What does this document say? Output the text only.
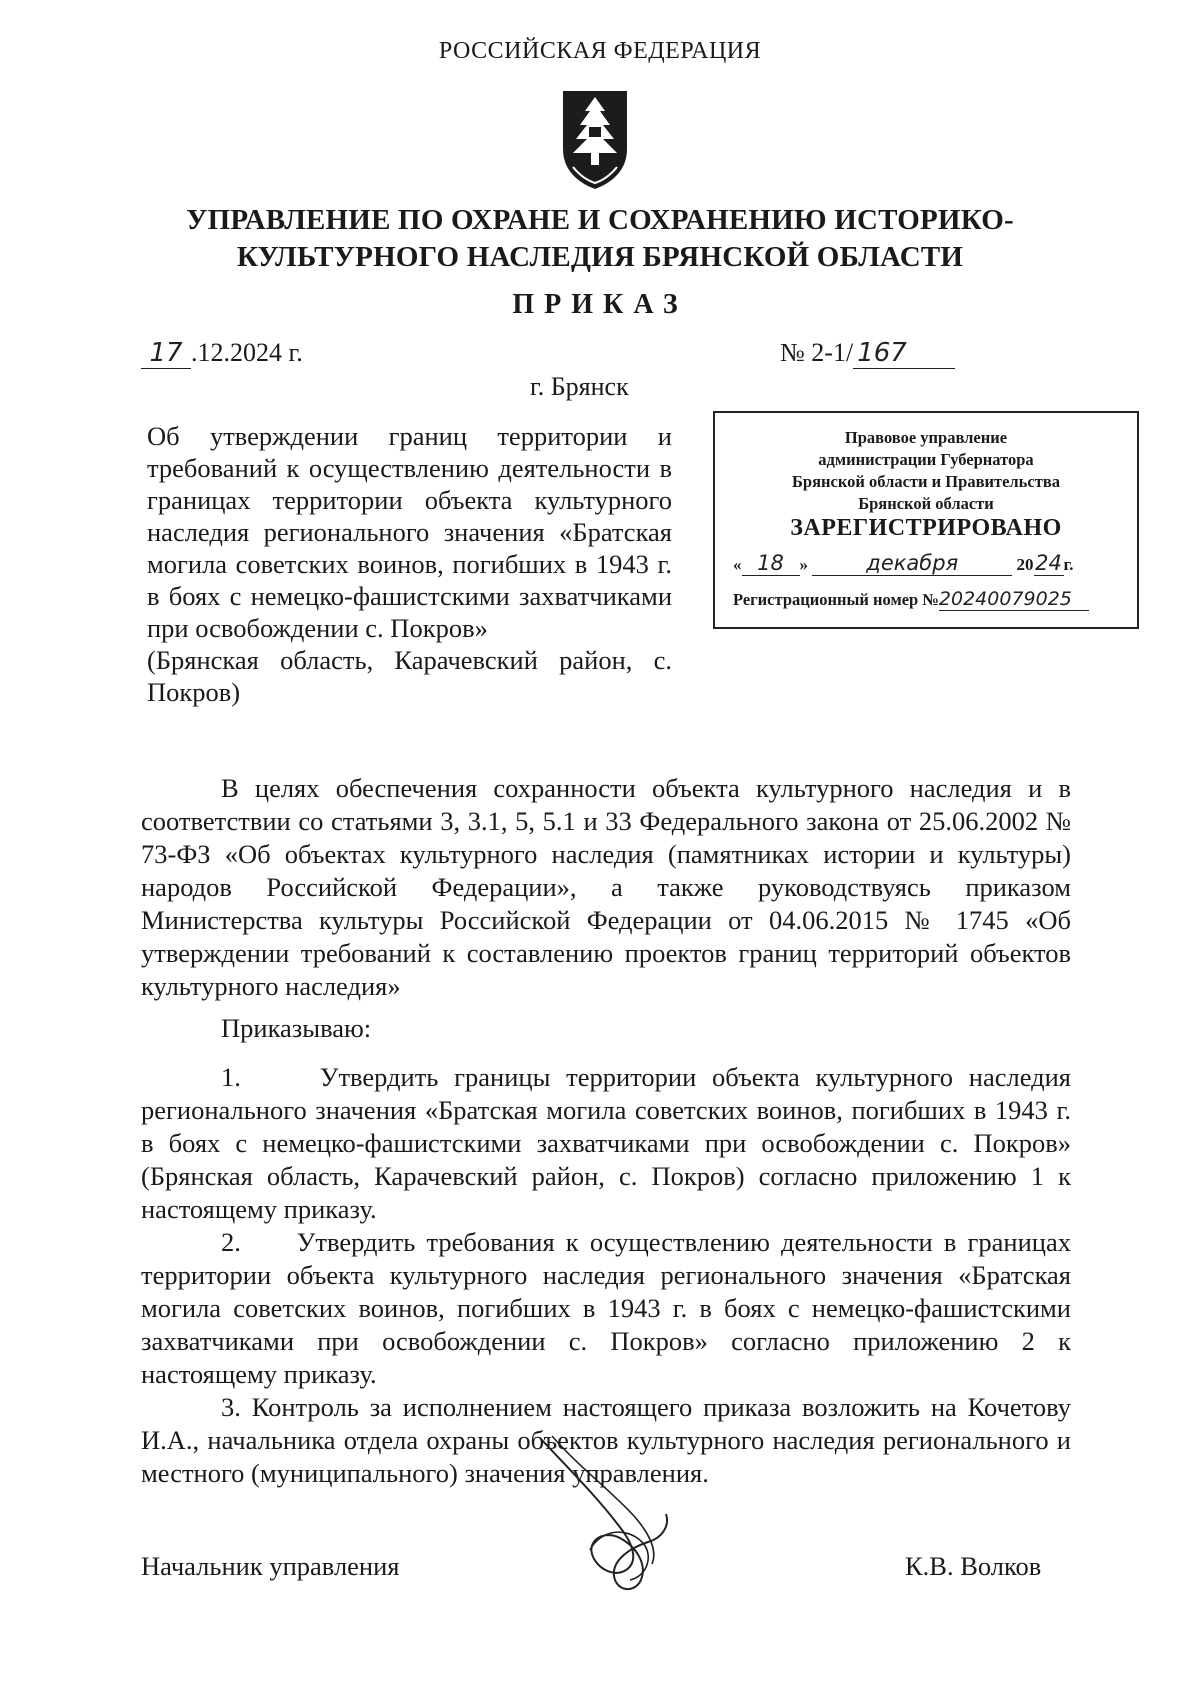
РОССИЙСКАЯ ФЕДЕРАЦИЯ
УПРАВЛЕНИЕ ПО ОХРАНЕ И СОХРАНЕНИЮ ИСТОРИКО-
КУЛЬТУРНОГО НАСЛЕДИЯ БРЯНСКОЙ ОБЛАСТИ
ПРИКАЗ
17 .12.2024 г.	№ 2-1/ 167
г. Брянск

Об утверждении границ территории и требований к осуществлению деятельности в границах территории объекта культурного наследия регионального значения «Братская могила советских воинов, погибших в 1943 г. в боях с немецко-фашистскими захватчиками при освобождении с. Покров»

(Брянская область, Карачевский район, с. Покров)

Правовое управление
администрации Губернатора
Брянской области и Правительства
Брянской области
ЗАРЕГИСТРИРОВАНО
« 18 »	декабря	2024г.
Регистрационный номер №20240079025

В целях обеспечения сохранности объекта культурного наследия и в соответствии со статьями 3, 3.1, 5, 5.1 и 33 Федерального закона от 25.06.2002 № 73-ФЗ «Об объектах культурного наследия (памятниках истории и культуры) народов Российской Федерации», а также руководствуясь приказом Министерства культуры Российской Федерации от 04.06.2015 № 1745 «Об утверждении требований к составлению проектов границ территорий объектов культурного наследия»

Приказываю:

1.     Утвердить границы территории объекта культурного наследия регионального значения «Братская могила советских воинов, погибших в 1943 г. в боях с немецко-фашистскими захватчиками при освобождении с. Покров» (Брянская область, Карачевский район, с. Покров) согласно приложению 1 к настоящему приказу.

2.     Утвердить требования к осуществлению деятельности в границах территории объекта культурного наследия регионального значения «Братская могила советских воинов, погибших в 1943 г. в боях с немецко-фашистскими захватчиками при освобождении с. Покров» согласно приложению 2 к настоящему приказу.

3. Контроль за исполнением настоящего приказа возложить на Кочетову И.А., начальника отдела охраны объектов культурного наследия регионального и местного (муниципального) значения управления.

Начальник управления	К.В. Волков
